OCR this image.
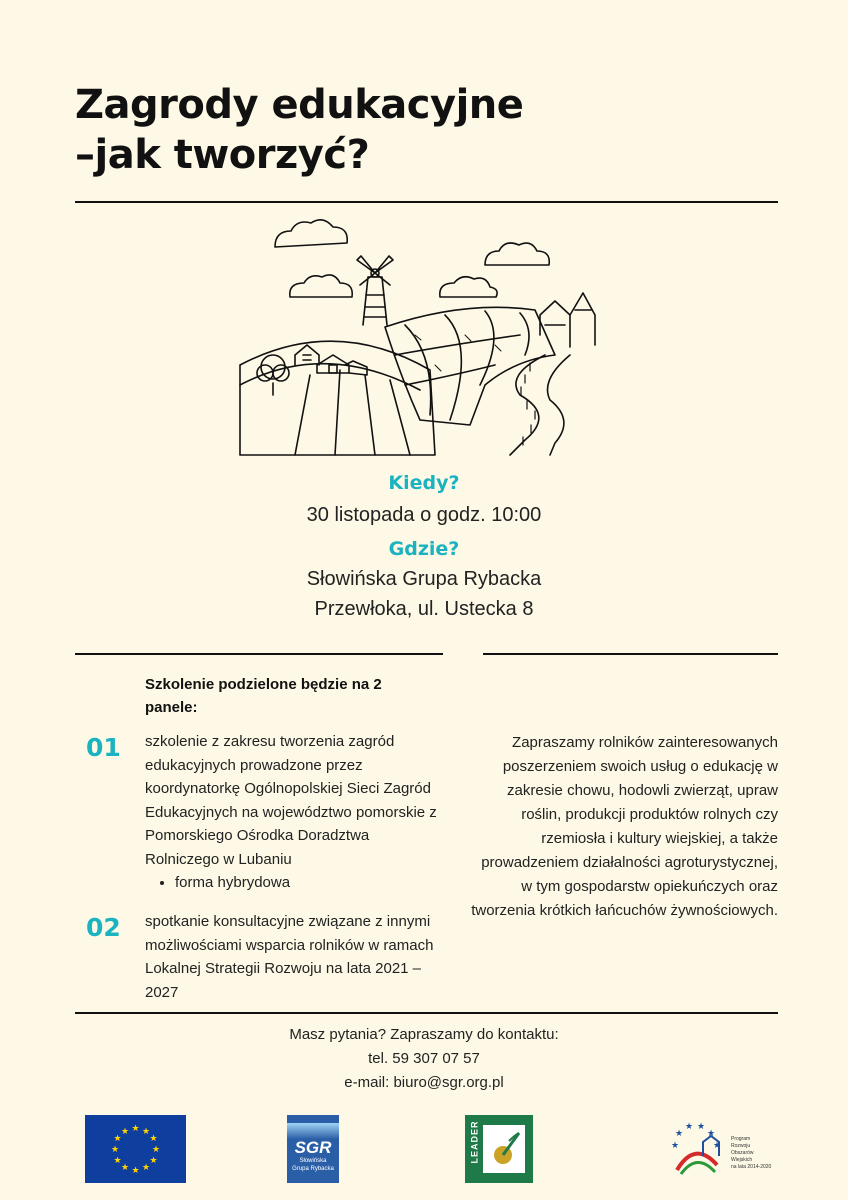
Zagrody edukacyjne
–jak tworzyć?
Kiedy?
30 listopada o godz. 10:00
Gdzie?
Słowińska Grupa Rybacka
Przewłoka, ul. Ustecka 8
Szkolenie podzielone będzie na 2 panele:
01 szkolenie z zakresu tworzenia zagród edukacyjnych prowadzone przez koordynatorkę Ogólnopolskiej Sieci Zagród Edukacyjnych na województwo pomorskie z Pomorskiego Ośrodka Doradztwa Rolniczego w Lubaniu
• forma hybrydowa
02 spotkanie konsultacyjne związane z innymi możliwościami wsparcia rolników w ramach Lokalnej Strategii Rozwoju na lata 2021 – 2027
Zapraszamy rolników zainteresowanych poszerzeniem swoich usług o edukację w zakresie chowu, hodowli zwierząt, upraw roślin, produkcji produktów rolnych czy rzemiosła i kultury wiejskiej, a także prowadzeniem działalności agroturystycznej, w tym gospodarstw opiekuńczych oraz tworzenia krótkich łańcuchów żywnościowych.
Masz pytania? Zapraszamy do kontaktu:
tel. 59 307 07 57
e-mail: biuro@sgr.org.pl
★ ★
★
★
★
★
★
★
★
★
★
★
SGR
Słowińska
Grupa Rybacka
LEADER	★
★
★ ★
★
★
Program
Rozwoju
Obszarów
Wiejskich
na lata 2014-2020
